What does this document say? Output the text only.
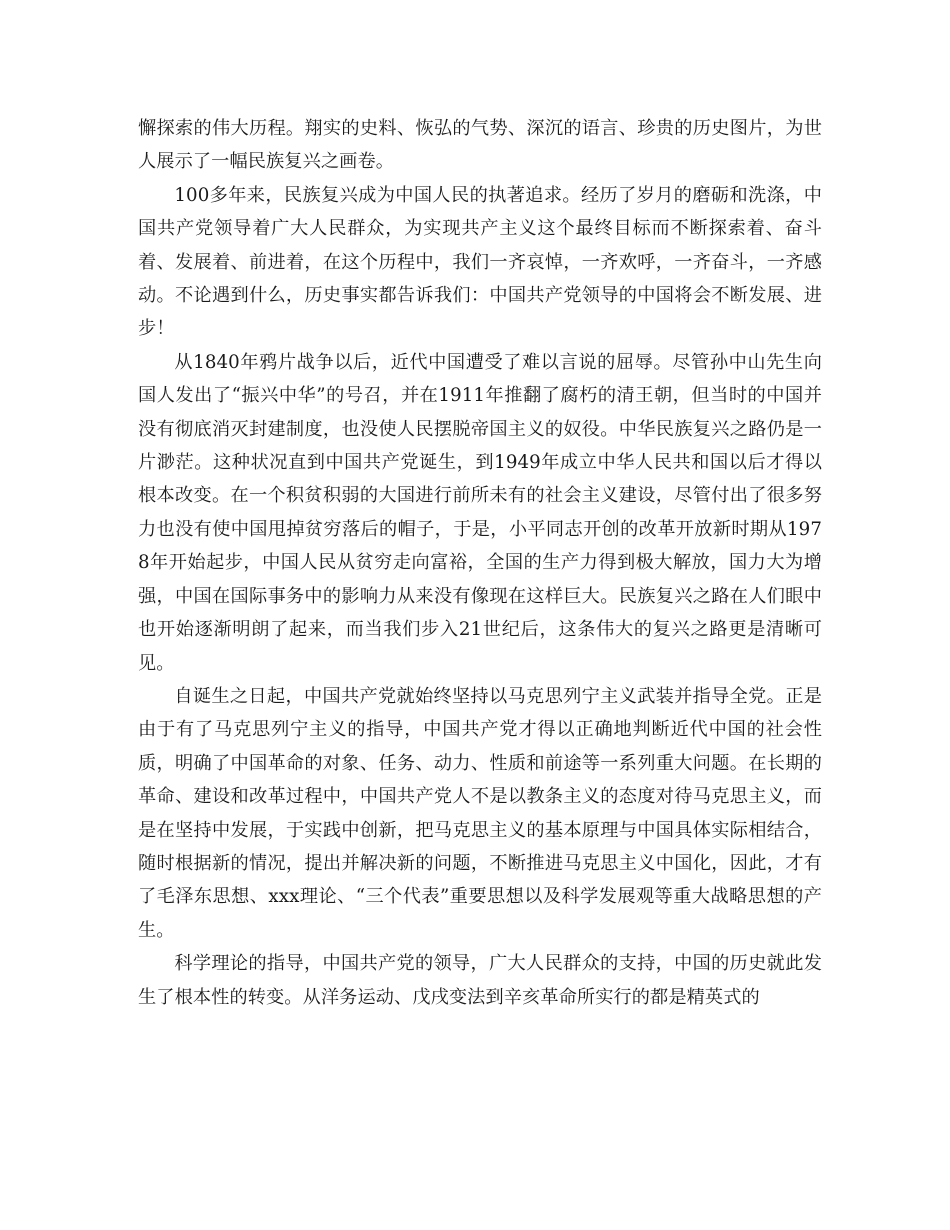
懈探索的伟大历程。翔实的史料、恢弘的气势、深沉的语言、珍贵的历史图片，为世人展示了一幅民族复兴之画卷。

100多年来，民族复兴成为中国人民的执著追求。经历了岁月的磨砺和洗涤，中国共产党领导着广大人民群众，为实现共产主义这个最终目标而不断探索着、奋斗着、发展着、前进着，在这个历程中，我们一齐哀悼，一齐欢呼，一齐奋斗，一齐感动。不论遇到什么，历史事实都告诉我们：中国共产党领导的中国将会不断发展、进步！

从1840年鸦片战争以后，近代中国遭受了难以言说的屈辱。尽管孙中山先生向国人发出了“振兴中华”的号召，并在1911年推翻了腐朽的清王朝，但当时的中国并没有彻底消灭封建制度，也没使人民摆脱帝国主义的奴役。中华民族复兴之路仍是一片渺茫。这种状况直到中国共产党诞生，到1949年成立中华人民共和国以后才得以根本改变。在一个积贫积弱的大国进行前所未有的社会主义建设，尽管付出了很多努力也没有使中国甩掉贫穷落后的帽子，于是，小平同志开创的改革开放新时期从1978年开始起步，中国人民从贫穷走向富裕，全国的生产力得到极大解放，国力大为增强，中国在国际事务中的影响力从来没有像现在这样巨大。民族复兴之路在人们眼中也开始逐渐明朗了起来，而当我们步入21世纪后，这条伟大的复兴之路更是清晰可见。

自诞生之日起，中国共产党就始终坚持以马克思列宁主义武装并指导全党。正是由于有了马克思列宁主义的指导，中国共产党才得以正确地判断近代中国的社会性质，明确了中国革命的对象、任务、动力、性质和前途等一系列重大问题。在长期的革命、建设和改革过程中，中国共产党人不是以教条主义的态度对待马克思主义，而是在坚持中发展，于实践中创新，把马克思主义的基本原理与中国具体实际相结合，随时根据新的情况，提出并解决新的问题，不断推进马克思主义中国化，因此，才有了毛泽东思想、xxx理论、“三个代表”重要思想以及科学发展观等重大战略思想的产生。

科学理论的指导，中国共产党的领导，广大人民群众的支持，中国的历史就此发生了根本性的转变。从洋务运动、戊戌变法到辛亥革命所实行的都是精英式的
